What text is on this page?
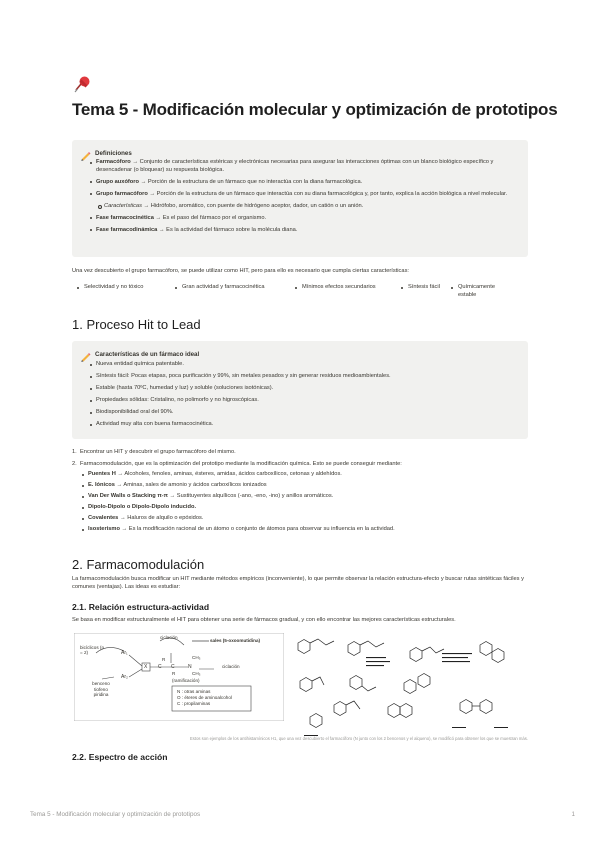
Tema 5 - Modificación molecular y optimización de prototipos
Definiciones
Farmacóforo → Conjunto de características estéricas y electrónicas necesarias para asegurar las interacciones óptimas con un blanco biológico específico y desencadenar (o bloquear) su respuesta biológica.
Grupo auxóforo → Porción de la estructura de un fármaco que no interactúa con la diana farmacológica.
Grupo farmacóforo → Porción de la estructura de un fármaco que interactúa con su diana farmacológica y, por tanto, explica la acción biológica a nivel molecular.
Características → Hidrófobo, aromático, con puente de hidrógeno aceptor, dador, un catión o un anión.
Fase farmacocinética → Es el paso del fármaco por el organismo.
Fase farmacodinámica → Es la actividad del fármaco sobre la molécula diana.

Una vez descubierto el grupo farmacóforo, se puede utilizar como HIT, pero para ello es necesario que cumpla ciertas características:

Selectividad y no tóxico	Gran actividad y farmacocinética	Mínimos efectos secundarios	Síntesis fácil	Químicamente estable
1. Proceso Hit to Lead
Características de un fármaco ideal
Nueva entidad química patentable.
Síntesis fácil: Pocas etapas, poca purificación y 99%, sin metales pesados y sin generar residuos medioambientales.
Estable (hasta 70ºC, humedad y luz) y soluble (soluciones isotónicas).
Propiedades sólidas: Cristalino, no polimorfo y no higroscópicas.
Biodisponibilidad oral del 90%.
Actividad muy alta con buena farmacocinética.
1. Encontrar un HIT y descubrir el grupo farmacóforo del mismo.
2. Farmacomodulación, que es la optimización del prototipo mediante la modificación química. Esto se puede conseguir mediante:
Puentes H → Alcoholes, fenoles, aminas, ésteres, amidas, ácidos carboxílicos, cetonas y aldehídos.
E. Iónicos → Aminas, sales de amonio y ácidos carboxílicos ionizados
Van Der Walls o Stacking π-π → Sustituyentes alquílicos (-ano, -eno, -ino) y anillos aromáticos.
Dipolo-Dipolo o Dipolo-Dipolo inducido.
Covalentes → Haluros de alquilo o epóxidos.
Isosterismo → Es la modificación racional de un átomo o conjunto de átomos para observar su influencia en la actividad.
2. Farmacomodulación

La farmacomodulación busca modificar un HIT mediante métodos empíricos (inconveniente), lo que permite observar la relación estructura-efecto y buscar rutas sintéticas fáciles y comunes (ventajas). Las ideas es estudiar:

2.1. Relación estructura-actividad

Se basa en modificar estructuralmente el HIT para obtener una serie de fármacos gradual, y con ello encontrar las mejores características estructurales.

bicíclicos (n = 2)
ciclación
sales (5-oxoomutidina)
ciclación
(ramificación)
benceno tiofeno piridina
Ar₁
Ar₂
X C C	N
CH₃
CH₃
R
R
N : otras aminas
O : éteres de aminoalcohol
C : propilaminas

Estos son ejemplos de los antihistamínicos H1, que una vez descubierto el farmacóforo (N junto con los 2 bencenos y el alqueno), se modificó para obtener los que se muestran más.

2.2. Espectro de acción
Tema 5 - Modificación molecular y optimización de prototipos	1
